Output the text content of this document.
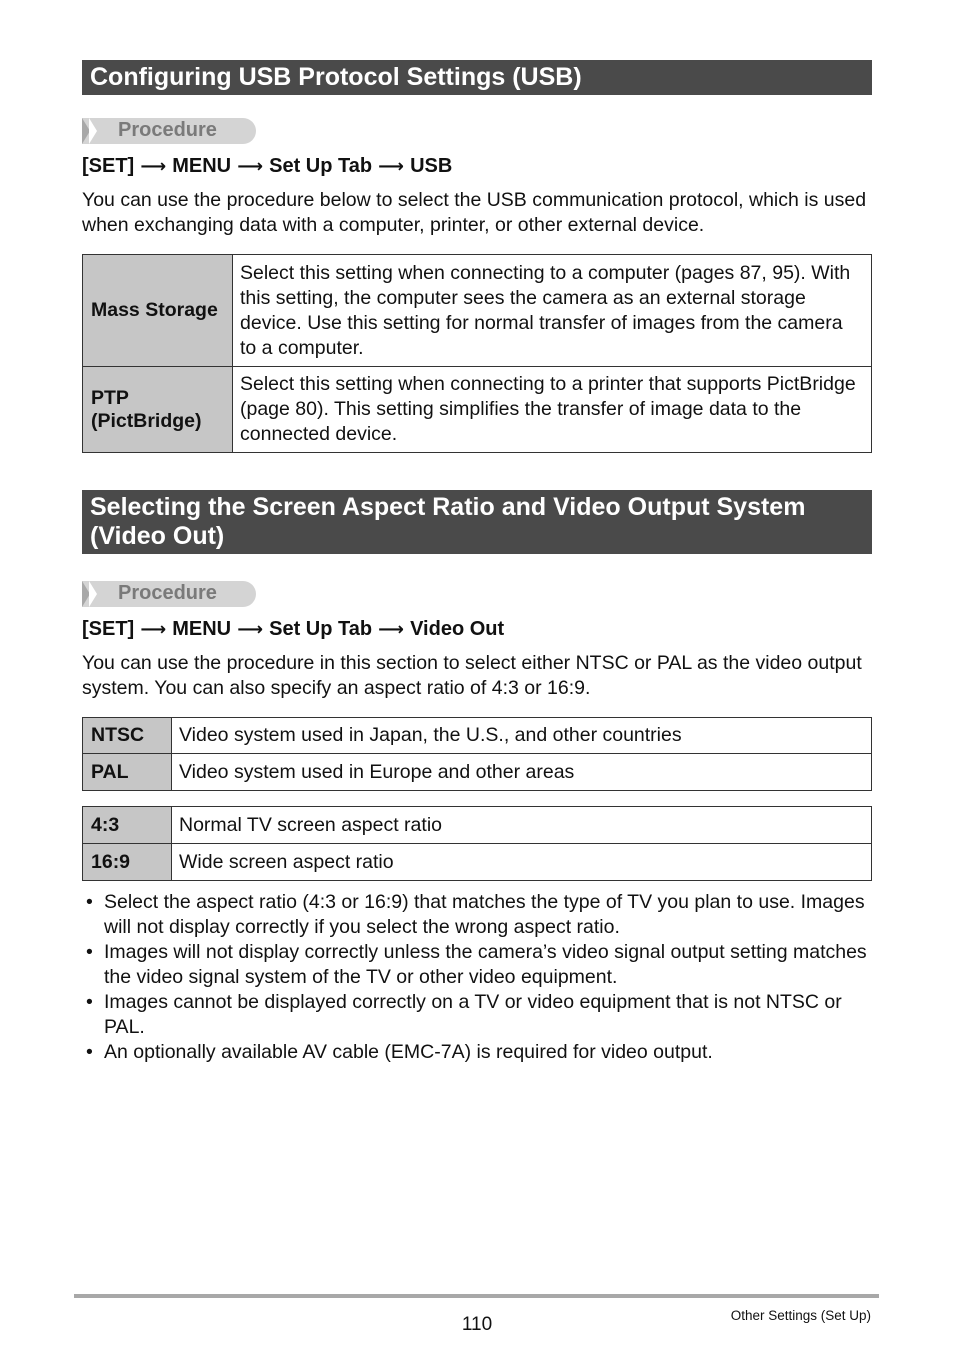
Configuring USB Protocol Settings (USB)
Procedure
[SET] ⟶ MENU ⟶ Set Up Tab ⟶ USB
You can use the procedure below to select the USB communication protocol, which is used when exchanging data with a computer, printer, or other external device.
Mass Storage	Select this setting when connecting to a computer (pages 87, 95). With this setting, the computer sees the camera as an external storage device. Use this setting for normal transfer of images from the camera to a computer.
PTP (PictBridge)	Select this setting when connecting to a printer that supports PictBridge (page 80). This setting simplifies the transfer of image data to the connected device.
Selecting the Screen Aspect Ratio and Video Output System (Video Out)
Procedure
[SET] ⟶ MENU ⟶ Set Up Tab ⟶ Video Out
You can use the procedure in this section to select either NTSC or PAL as the video output system. You can also specify an aspect ratio of 4:3 or 16:9.
NTSC	Video system used in Japan, the U.S., and other countries
PAL	Video system used in Europe and other areas
4:3	Normal TV screen aspect ratio
16:9	Wide screen aspect ratio
• Select the aspect ratio (4:3 or 16:9) that matches the type of TV you plan to use. Images will not display correctly if you select the wrong aspect ratio.
• Images will not display correctly unless the camera’s video signal output setting matches the video signal system of the TV or other video equipment.
• Images cannot be displayed correctly on a TV or video equipment that is not NTSC or PAL.
• An optionally available AV cable (EMC-7A) is required for video output.
110	Other Settings (Set Up)
